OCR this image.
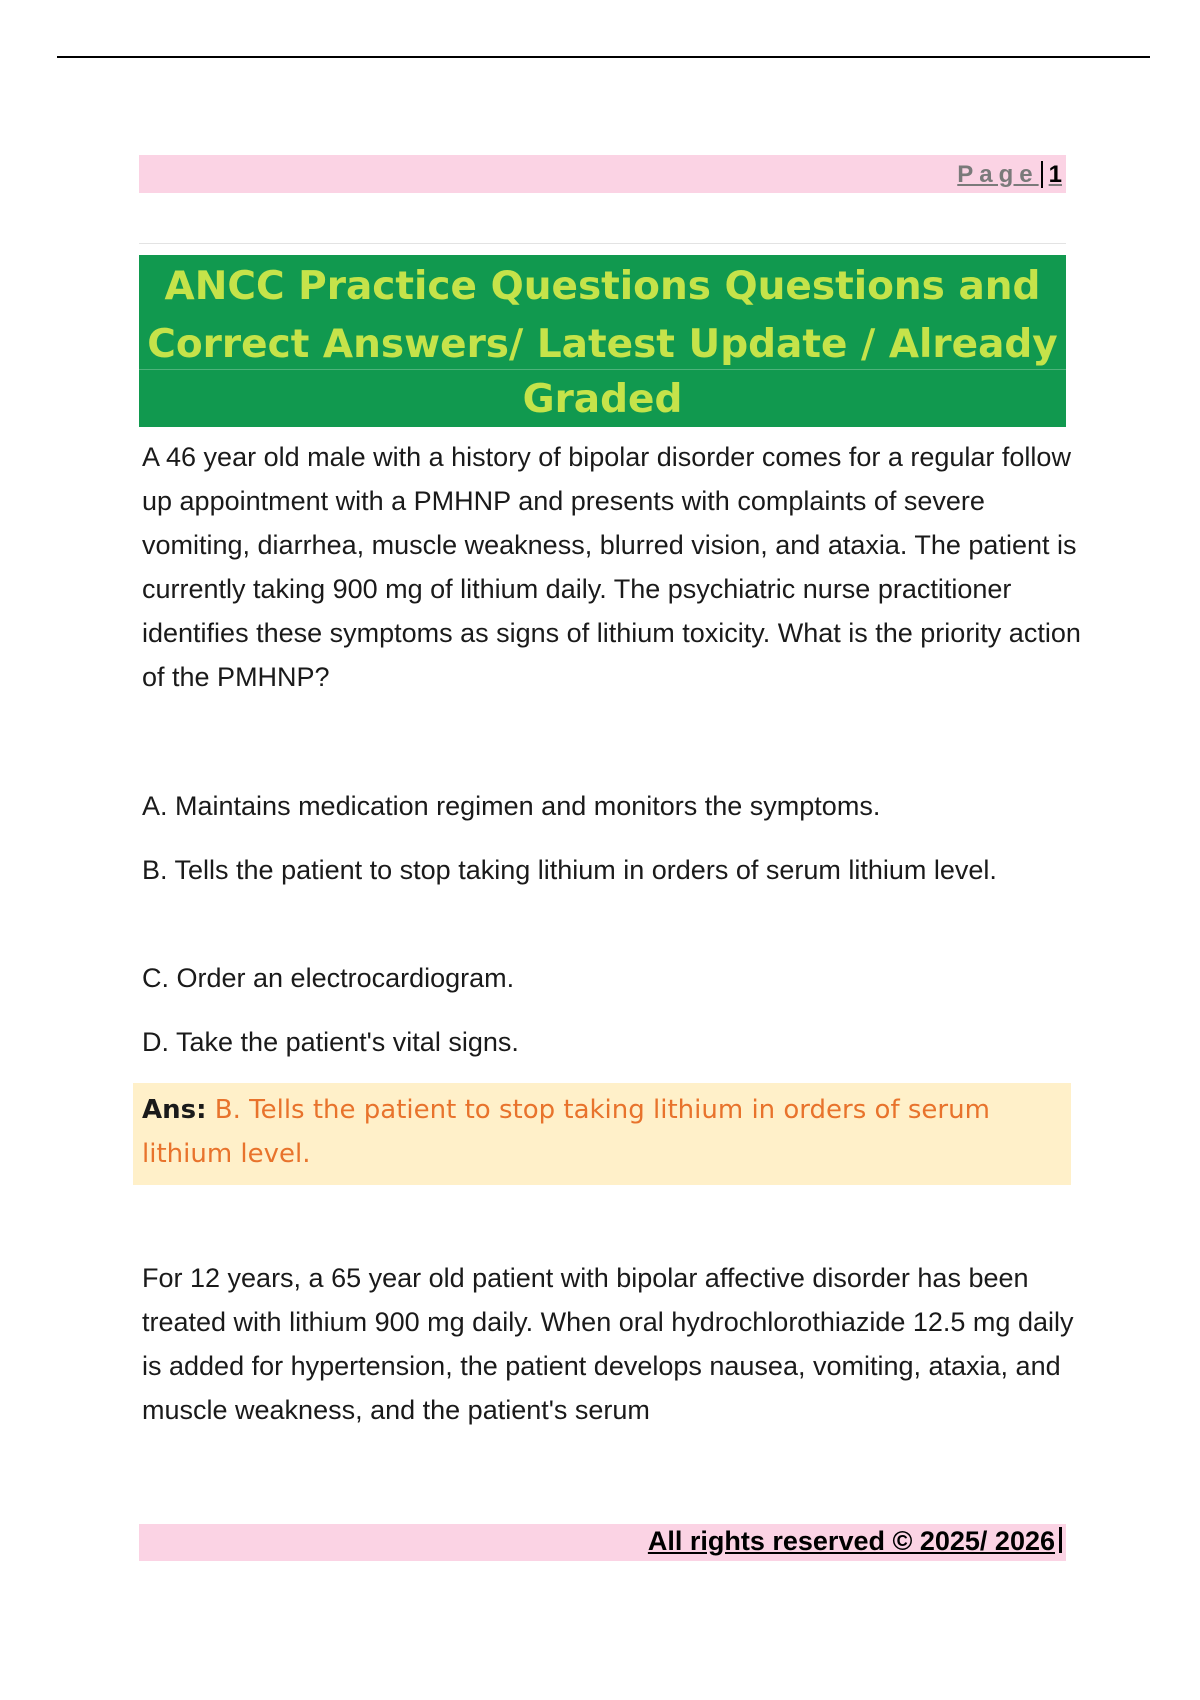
Page 1
ANCC Practice Questions Questions and
Correct Answers/ Latest Update / Already
Graded

A 46 year old male with a history of bipolar disorder comes for a regular follow up appointment with a PMHNP and presents with complaints of severe vomiting, diarrhea, muscle weakness, blurred vision, and ataxia. The patient is currently taking 900 mg of lithium daily. The psychiatric nurse practitioner identifies these symptoms as signs of lithium toxicity. What is the priority action of the PMHNP?

A. Maintains medication regimen and monitors the symptoms.

B. Tells the patient to stop taking lithium in orders of serum lithium level.

C. Order an electrocardiogram.

D. Take the patient's vital signs.

Ans: B. Tells the patient to stop taking lithium in orders of serum lithium level.

For 12 years, a 65 year old patient with bipolar affective disorder has been treated with lithium 900 mg daily. When oral hydrochlorothiazide 12.5 mg daily is added for hypertension, the patient develops nausea, vomiting, ataxia, and muscle weakness, and the patient's serum

All rights reserved © 2025/ 2026
